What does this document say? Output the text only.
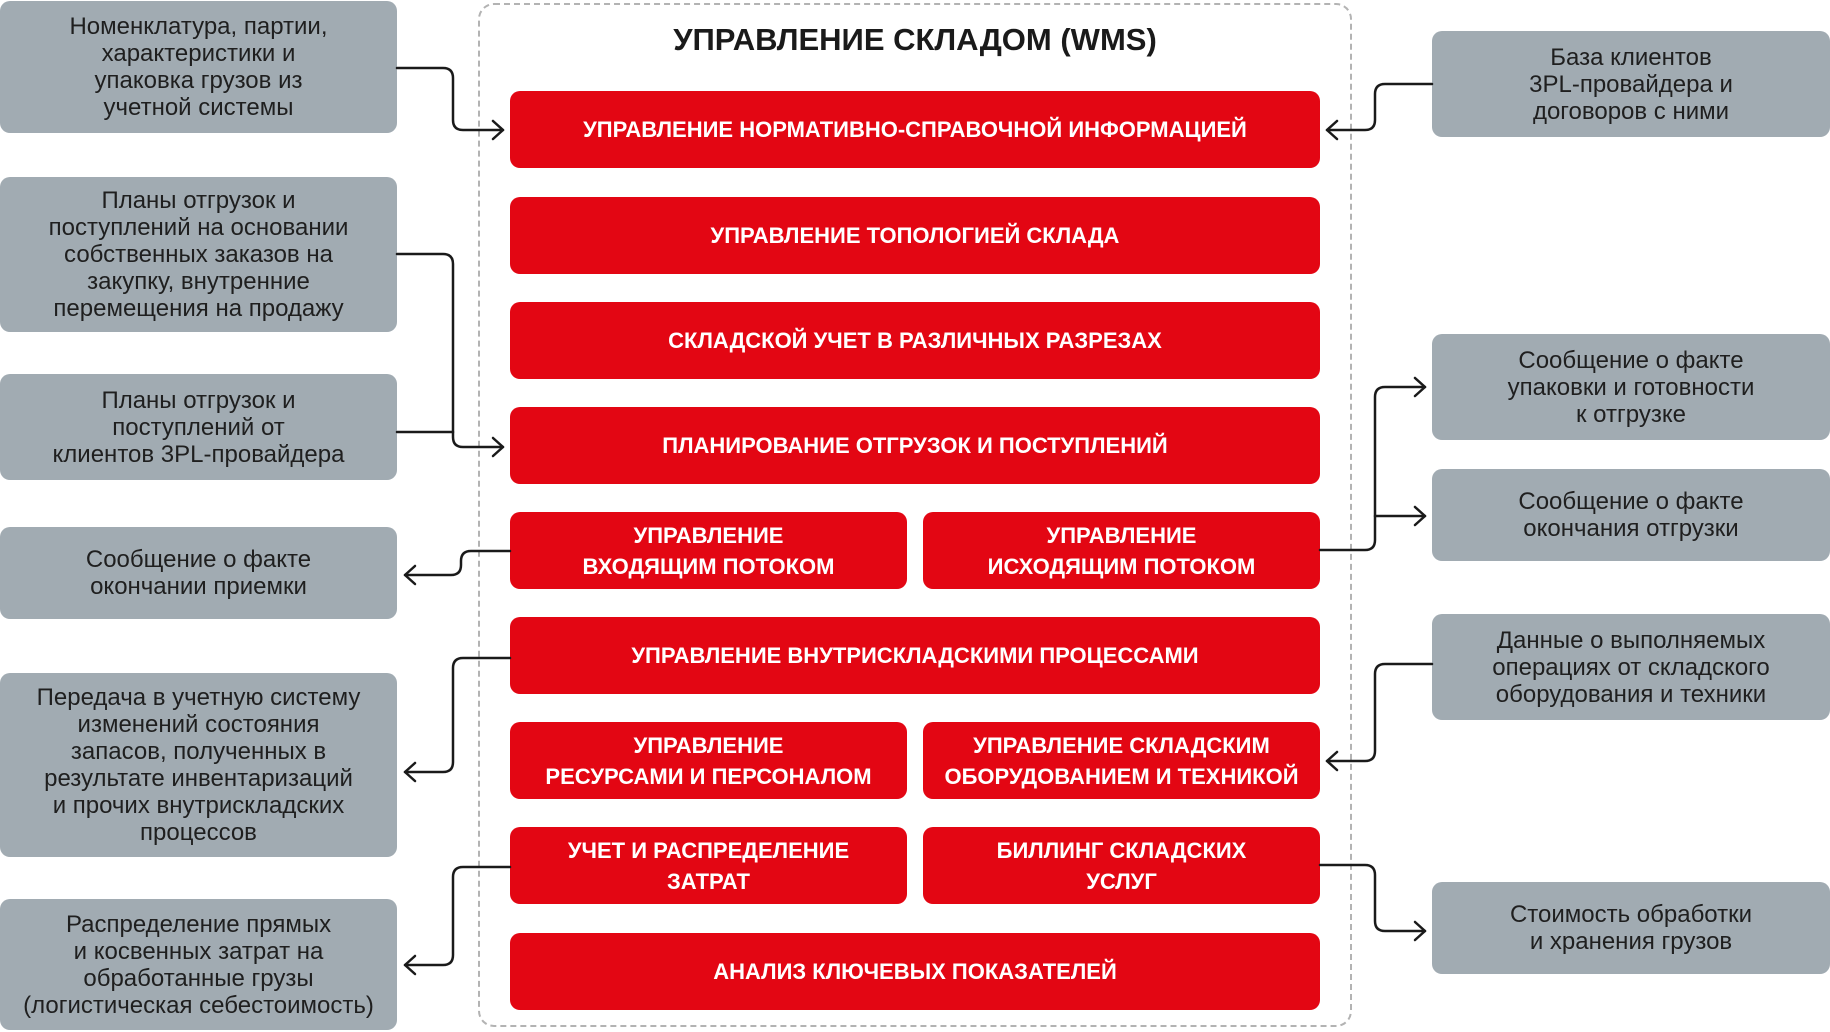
УПРАВЛЕНИЕ СКЛАДОМ (WMS)
УПРАВЛЕНИЕ НОРМАТИВНО-СПРАВОЧНОЙ ИНФОРМАЦИЕЙ
УПРАВЛЕНИЕ ТОПОЛОГИЕЙ СКЛАДА
СКЛАДСКОЙ УЧЕТ В РАЗЛИЧНЫХ РАЗРЕЗАХ
ПЛАНИРОВАНИЕ ОТГРУЗОК И ПОСТУПЛЕНИЙ
УПРАВЛЕНИЕ
ВХОДЯЩИМ ПОТОКОМ
УПРАВЛЕНИЕ
ИСХОДЯЩИМ ПОТОКОМ
УПРАВЛЕНИЕ ВНУТРИСКЛАДСКИМИ ПРОЦЕССАМИ
УПРАВЛЕНИЕ
РЕСУРСАМИ И ПЕРСОНАЛОМ
УПРАВЛЕНИЕ СКЛАДСКИМ
ОБОРУДОВАНИЕМ И ТЕХНИКОЙ
УЧЕТ И РАСПРЕДЕЛЕНИЕ
ЗАТРАТ
БИЛЛИНГ СКЛАДСКИХ
УСЛУГ
АНАЛИЗ КЛЮЧЕВЫХ ПОКАЗАТЕЛЕЙ
Номенклатура, партии,
характеристики и
упаковка грузов из
учетной системы
Планы отгрузок и
поступлений на основании
собственных заказов на
закупку, внутренние
перемещения на продажу
Планы отгрузок и
поступлений от
клиентов 3PL-провайдера
Сообщение о факте
окончании приемки
Передача в учетную систему
изменений состояния
запасов, полученных в
результате инвентаризаций
и прочих внутрискладских
процессов
Распределение прямых
и косвенных затрат на
обработанные грузы
(логистическая себестоимость)
База клиентов
3PL-провайдера и
договоров с ними
Сообщение о факте
упаковки и готовности
к отгрузке
Сообщение о факте
окончания отгрузки
Данные о выполняемых
операциях от складского
оборудования и техники
Стоимость обработки
и хранения грузов
